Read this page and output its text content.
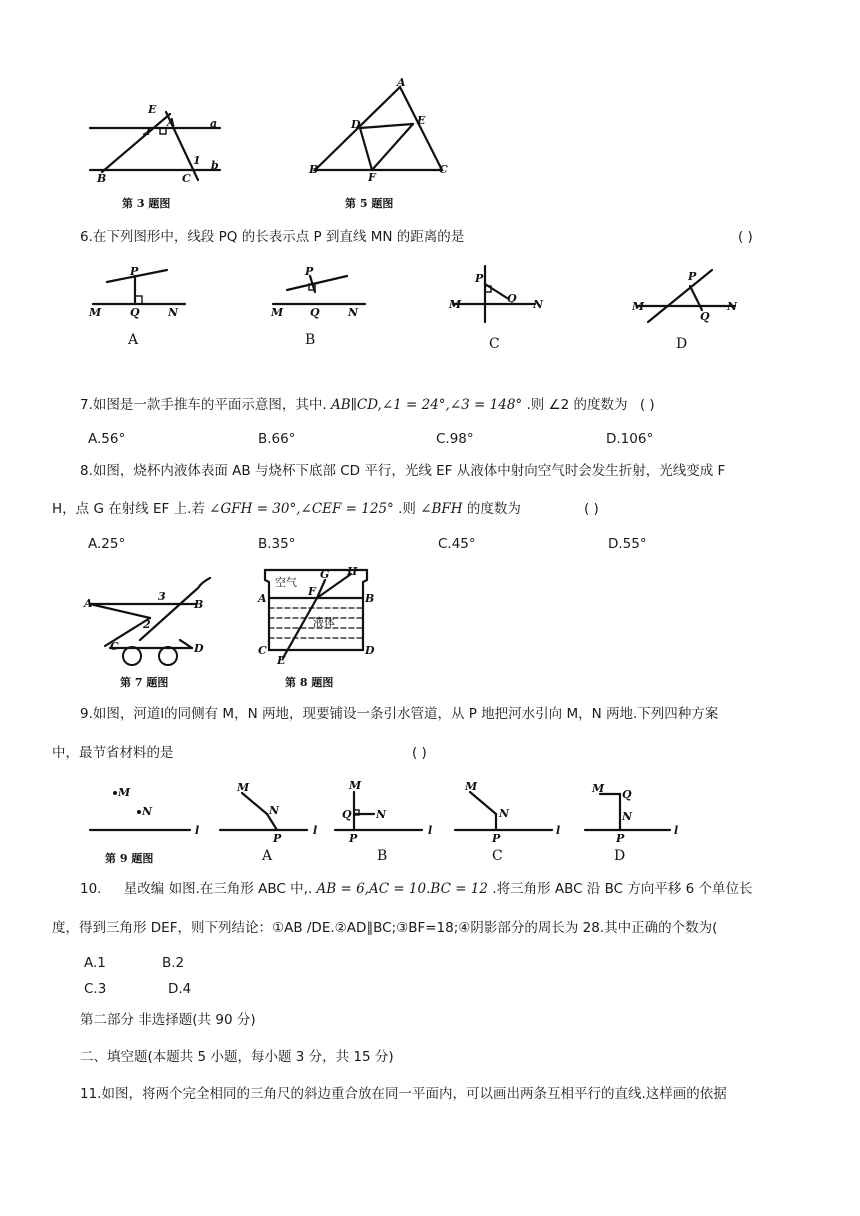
E
A	a
2
1 b
B	C
第 3 题图
A
D	E
B
F
C
第 5 题图
6.在下列图形中，线段 PQ 的长表示点 P 到直线 MN 的距离的是	( )
P
M	Q	N
A
P
M Q	N
B
P
M	Q N
C
P
M
Q
N
D
7.如图是一款手推车的平面示意图，其中. AB∥CD,∠1 = 24°,∠3 = 148° .则 ∠2 的度数为 ( )
A.56°	B.66°	C.98°	D.106°
8.如图，烧杯内液体表面 AB 与烧杯下底部 CD 平行，光线 EF 从液体中射向空气时会发生折射，光线变成 F
H，点 G 在射线 EF 上.若 ∠GFH = 30°,∠CEF = 125° .则 ∠BFH 的度数为	( )
A.25°	B.35°	C.45°	D.55°
A
3
B
2
C	D
第 7 题图
空气
液体
G H
F
A	B
C	D
E
第 8 题图
9.如图，河道l的同侧有 M，N 两地，现要铺设一条引水管道，从 P 地把河水引向 M，N 两地.下列四种方案
中，最节省材料的是	( )
M
N
l
第 9 题图
M
N
P
l
A
M
Q N
P
l
B
M
N
P
l
C
M Q
N
P
l
D
10. 星改编 如图.在三角形 ABC 中,. AB = 6,AC = 10.BC = 12 .将三角形 ABC 沿 BC 方向平移 6 个单位长
度，得到三角形 DEF，则下列结论：①AB /DE.②AD∥BC;③BF=18;④阴影部分的周长为 28.其中正确的个数为(
A.1	B.2
C.3	D.4
第二部分 非选择题(共 90 分)
二、填空题(本题共 5 小题，每小题 3 分，共 15 分)
11.如图，将两个完全相同的三角尺的斜边重合放在同一平面内，可以画出两条互相平行的直线.这样画的依据
